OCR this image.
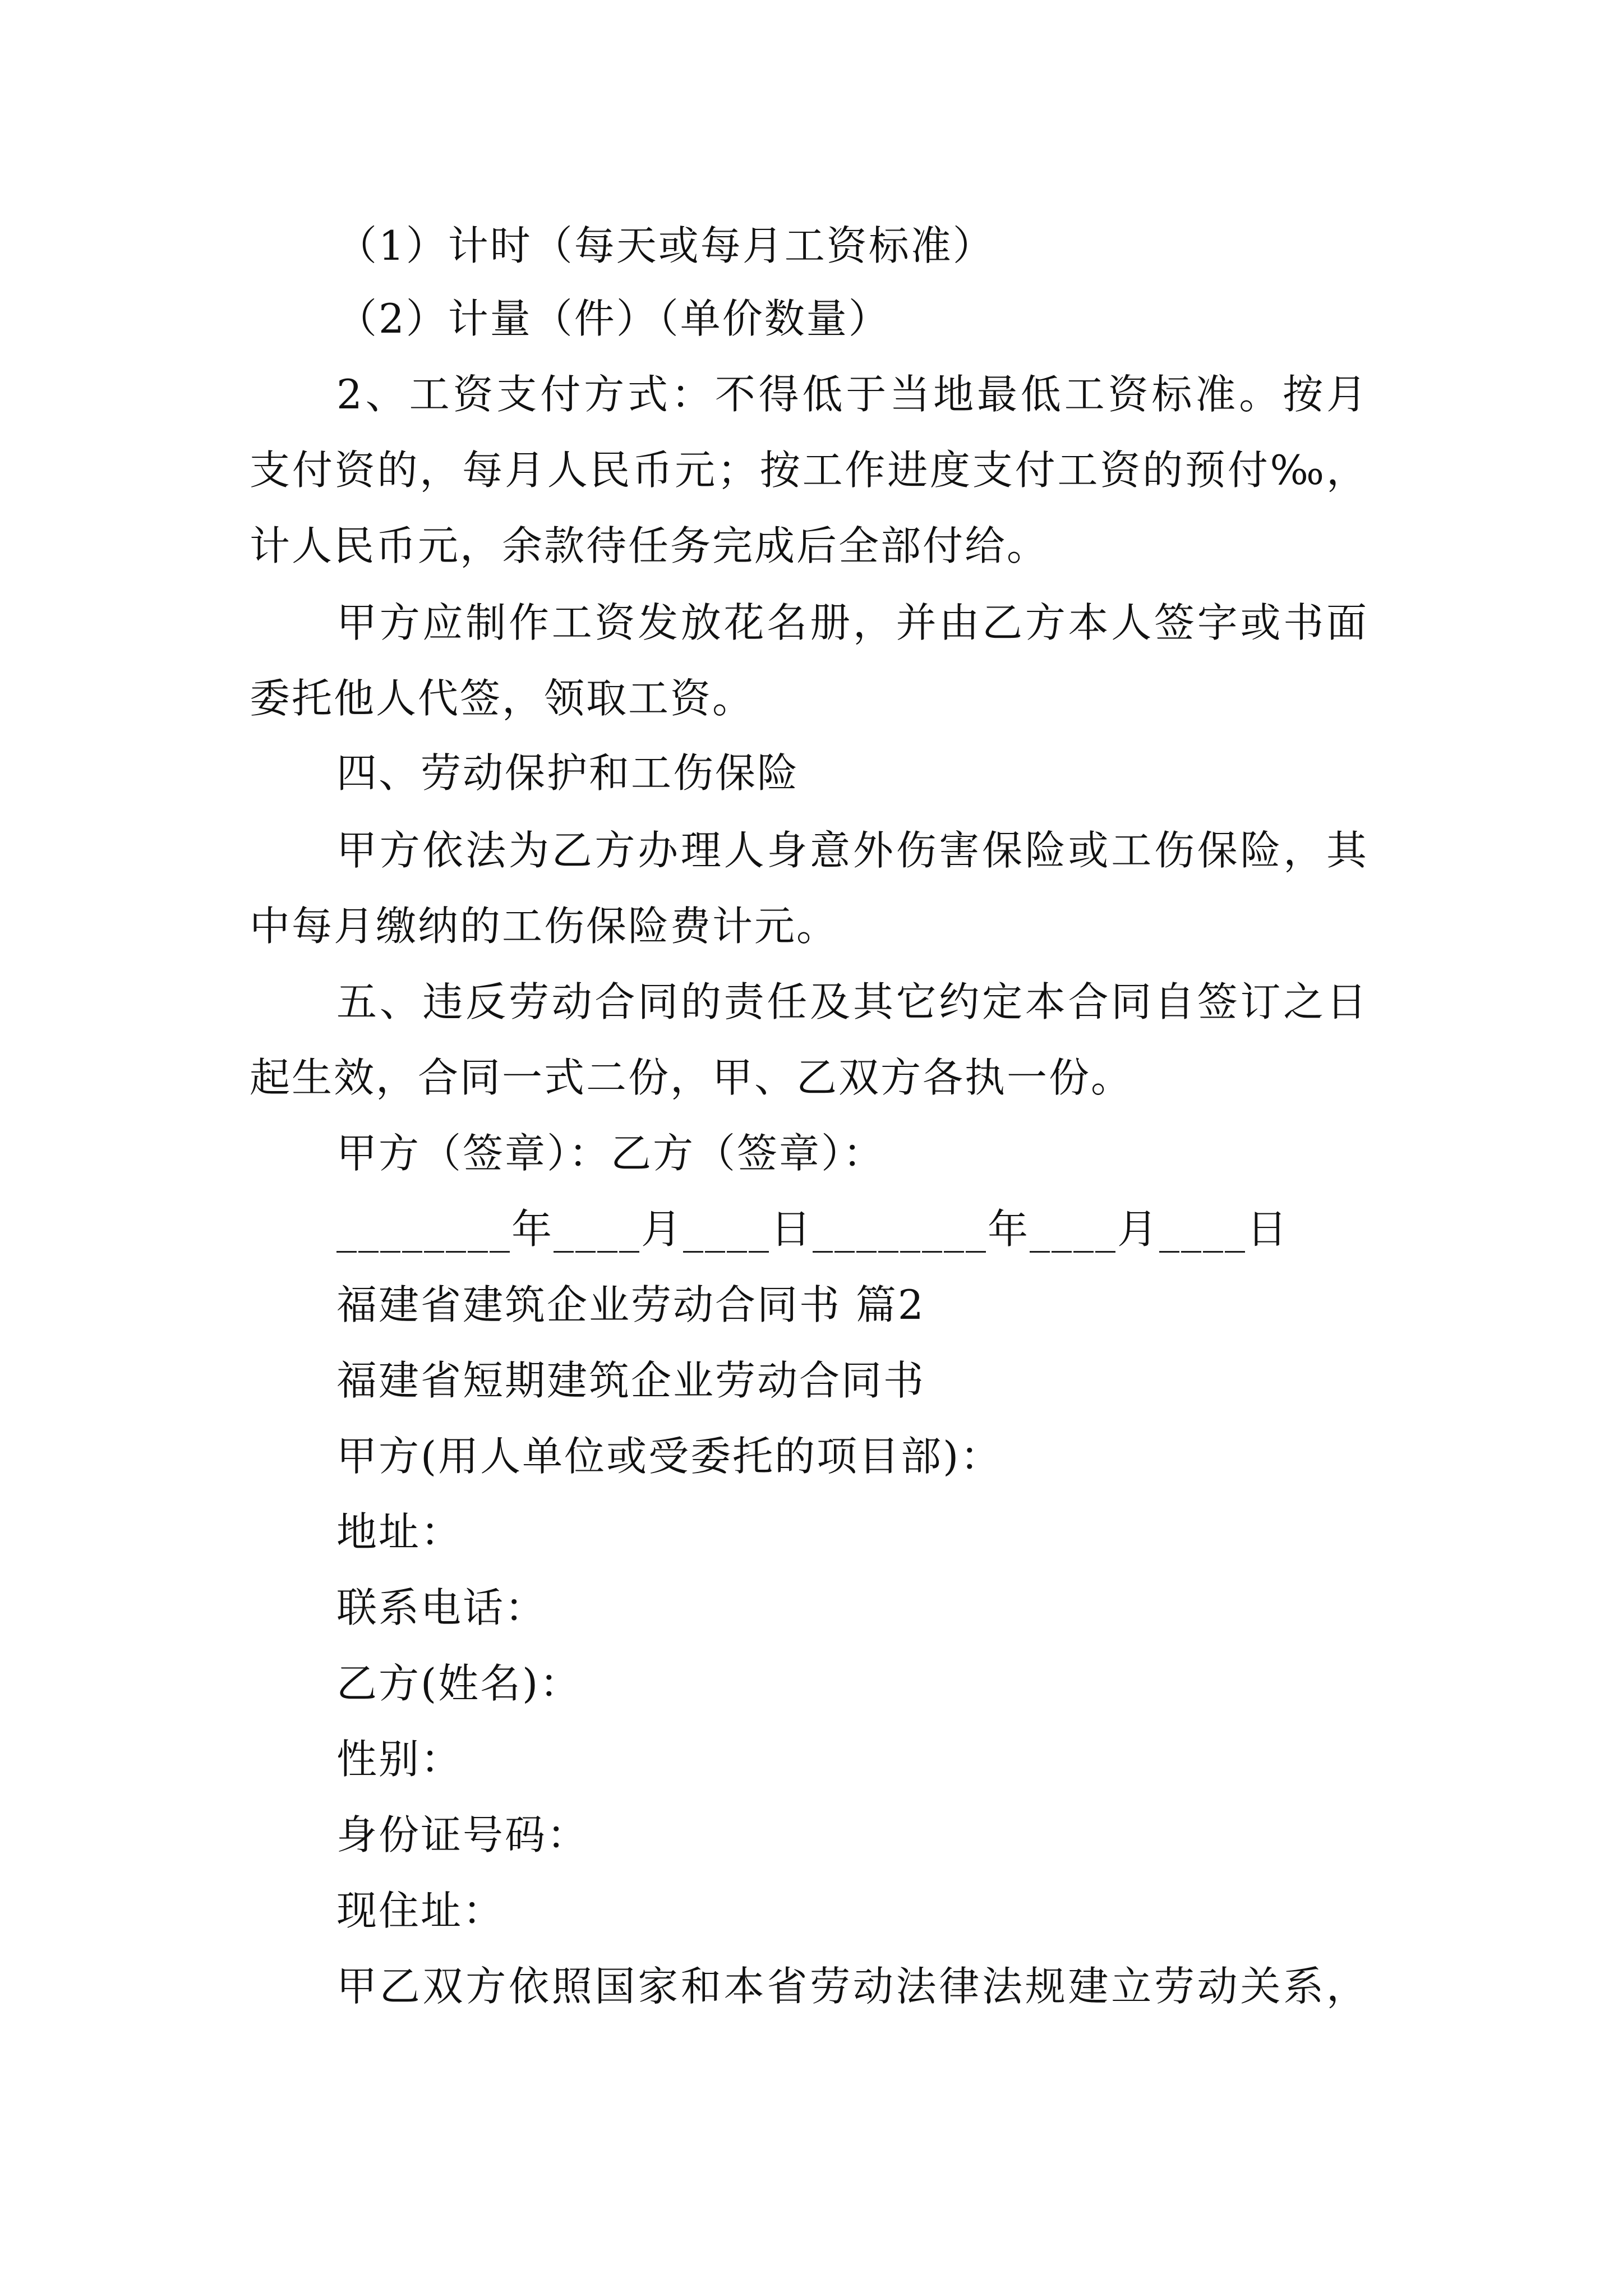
（1）计时（每天或每月工资标准）

（2）计量（件）（单价数量）

2、工资支付方式：不得低于当地最低工资标准。按月

支付资的，每月人民币元；按工作进度支付工资的预付‰，

计人民币元，余款待任务完成后全部付给。

甲方应制作工资发放花名册，并由乙方本人签字或书面

委托他人代签，领取工资。

四、劳动保护和工伤保险

甲方依法为乙方办理人身意外伤害保险或工伤保险，其

中每月缴纳的工伤保险费计元。

五、违反劳动合同的责任及其它约定本合同自签订之日

起生效，合同一式二份，甲、乙双方各执一份。

甲方（签章）：乙方（签章）：

________年____月____日________年____月____日

福建省建筑企业劳动合同书 篇2

福建省短期建筑企业劳动合同书

甲方(用人单位或受委托的项目部)：

地址：

联系电话：

乙方(姓名)：

性别：

身份证号码：

现住址：

甲乙双方依照国家和本省劳动法律法规建立劳动关系，
